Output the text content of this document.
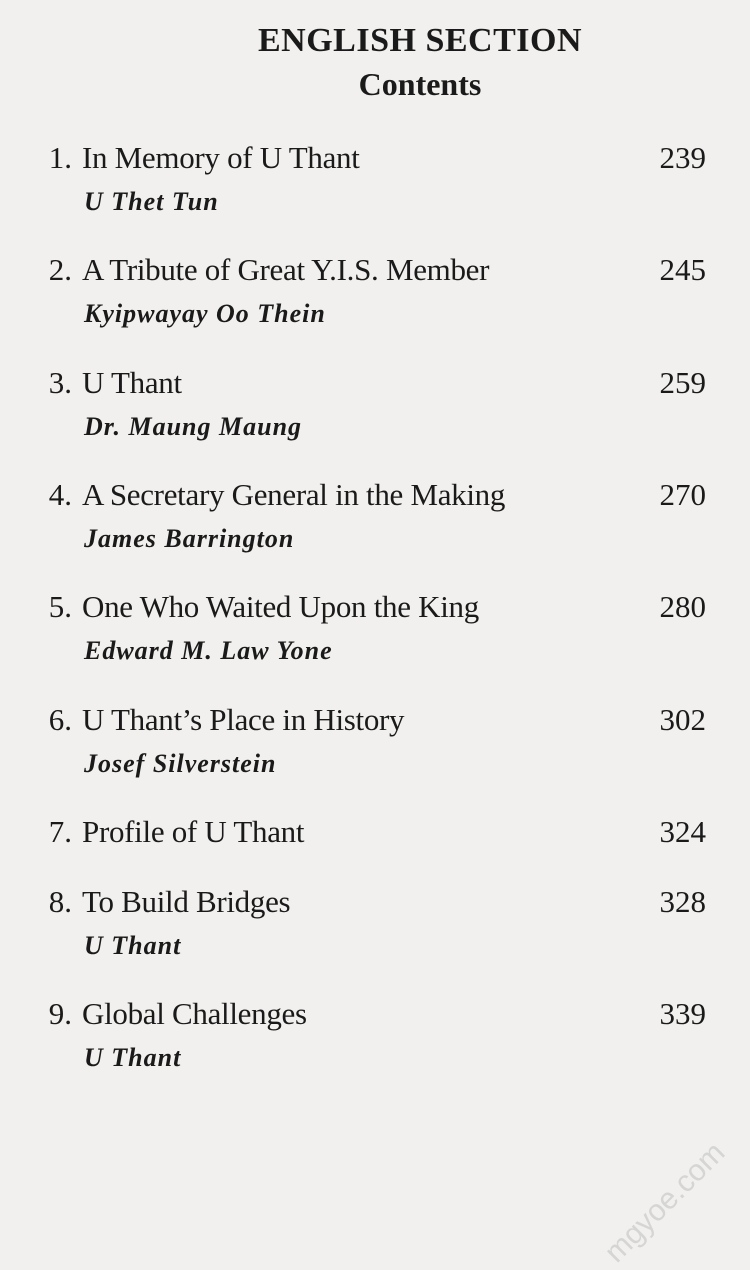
ENGLISH SECTION
Contents
1. In Memory of U Thant	239
U Thet Tun
2. A Tribute of Great Y.I.S. Member	245
Kyipwayay Oo Thein
3. U Thant	259
Dr. Maung Maung
4. A Secretary General in the Making	270
James Barrington
5. One Who Waited Upon the King	280
Edward M. Law Yone
6. U Thant’s Place in History	302
Josef Silverstein
7. Profile of U Thant	324
8. To Build Bridges	328
U Thant
9. Global Challenges	339
U Thant
mgyoe.com
